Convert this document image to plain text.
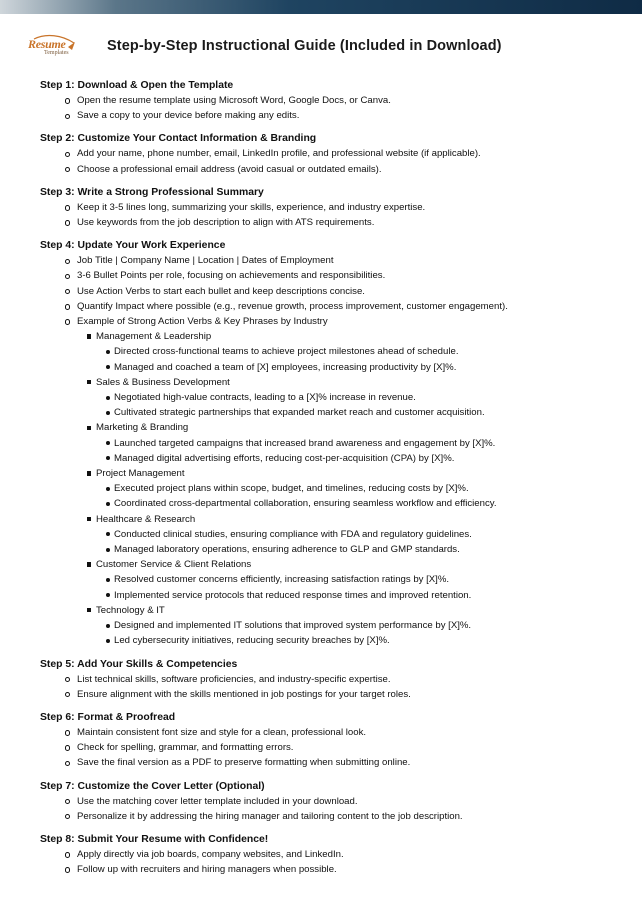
Resume
Templates	Step-by-Step Instructional Guide (Included in Download)
Step 1: Download & Open the Template
Open the resume template using Microsoft Word, Google Docs, or Canva.
Save a copy to your device before making any edits.
Step 2: Customize Your Contact Information & Branding
Add your name, phone number, email, LinkedIn profile, and professional website (if applicable).
Choose a professional email address (avoid casual or outdated emails).
Step 3: Write a Strong Professional Summary
Keep it 3-5 lines long, summarizing your skills, experience, and industry expertise.
Use keywords from the job description to align with ATS requirements.
Step 4: Update Your Work Experience
Job Title | Company Name | Location | Dates of Employment
3-6 Bullet Points per role, focusing on achievements and responsibilities.
Use Action Verbs to start each bullet and keep descriptions concise.
Quantify Impact where possible (e.g., revenue growth, process improvement, customer engagement).
Example of Strong Action Verbs & Key Phrases by Industry
Management & Leadership
Directed cross-functional teams to achieve project milestones ahead of schedule.
Managed and coached a team of [X] employees, increasing productivity by [X]%.
Sales & Business Development
Negotiated high-value contracts, leading to a [X]% increase in revenue.
Cultivated strategic partnerships that expanded market reach and customer acquisition.
Marketing & Branding
Launched targeted campaigns that increased brand awareness and engagement by [X]%.
Managed digital advertising efforts, reducing cost-per-acquisition (CPA) by [X]%.
Project Management
Executed project plans within scope, budget, and timelines, reducing costs by [X]%.
Coordinated cross-departmental collaboration, ensuring seamless workflow and efficiency.
Healthcare & Research
Conducted clinical studies, ensuring compliance with FDA and regulatory guidelines.
Managed laboratory operations, ensuring adherence to GLP and GMP standards.
Customer Service & Client Relations
Resolved customer concerns efficiently, increasing satisfaction ratings by [X]%.
Implemented service protocols that reduced response times and improved retention.
Technology & IT
Designed and implemented IT solutions that improved system performance by [X]%.
Led cybersecurity initiatives, reducing security breaches by [X]%.
Step 5: Add Your Skills & Competencies
List technical skills, software proficiencies, and industry-specific expertise.
Ensure alignment with the skills mentioned in job postings for your target roles.
Step 6: Format & Proofread
Maintain consistent font size and style for a clean, professional look.
Check for spelling, grammar, and formatting errors.
Save the final version as a PDF to preserve formatting when submitting online.
Step 7: Customize the Cover Letter (Optional)
Use the matching cover letter template included in your download.
Personalize it by addressing the hiring manager and tailoring content to the job description.
Step 8: Submit Your Resume with Confidence!
Apply directly via job boards, company websites, and LinkedIn.
Follow up with recruiters and hiring managers when possible.
